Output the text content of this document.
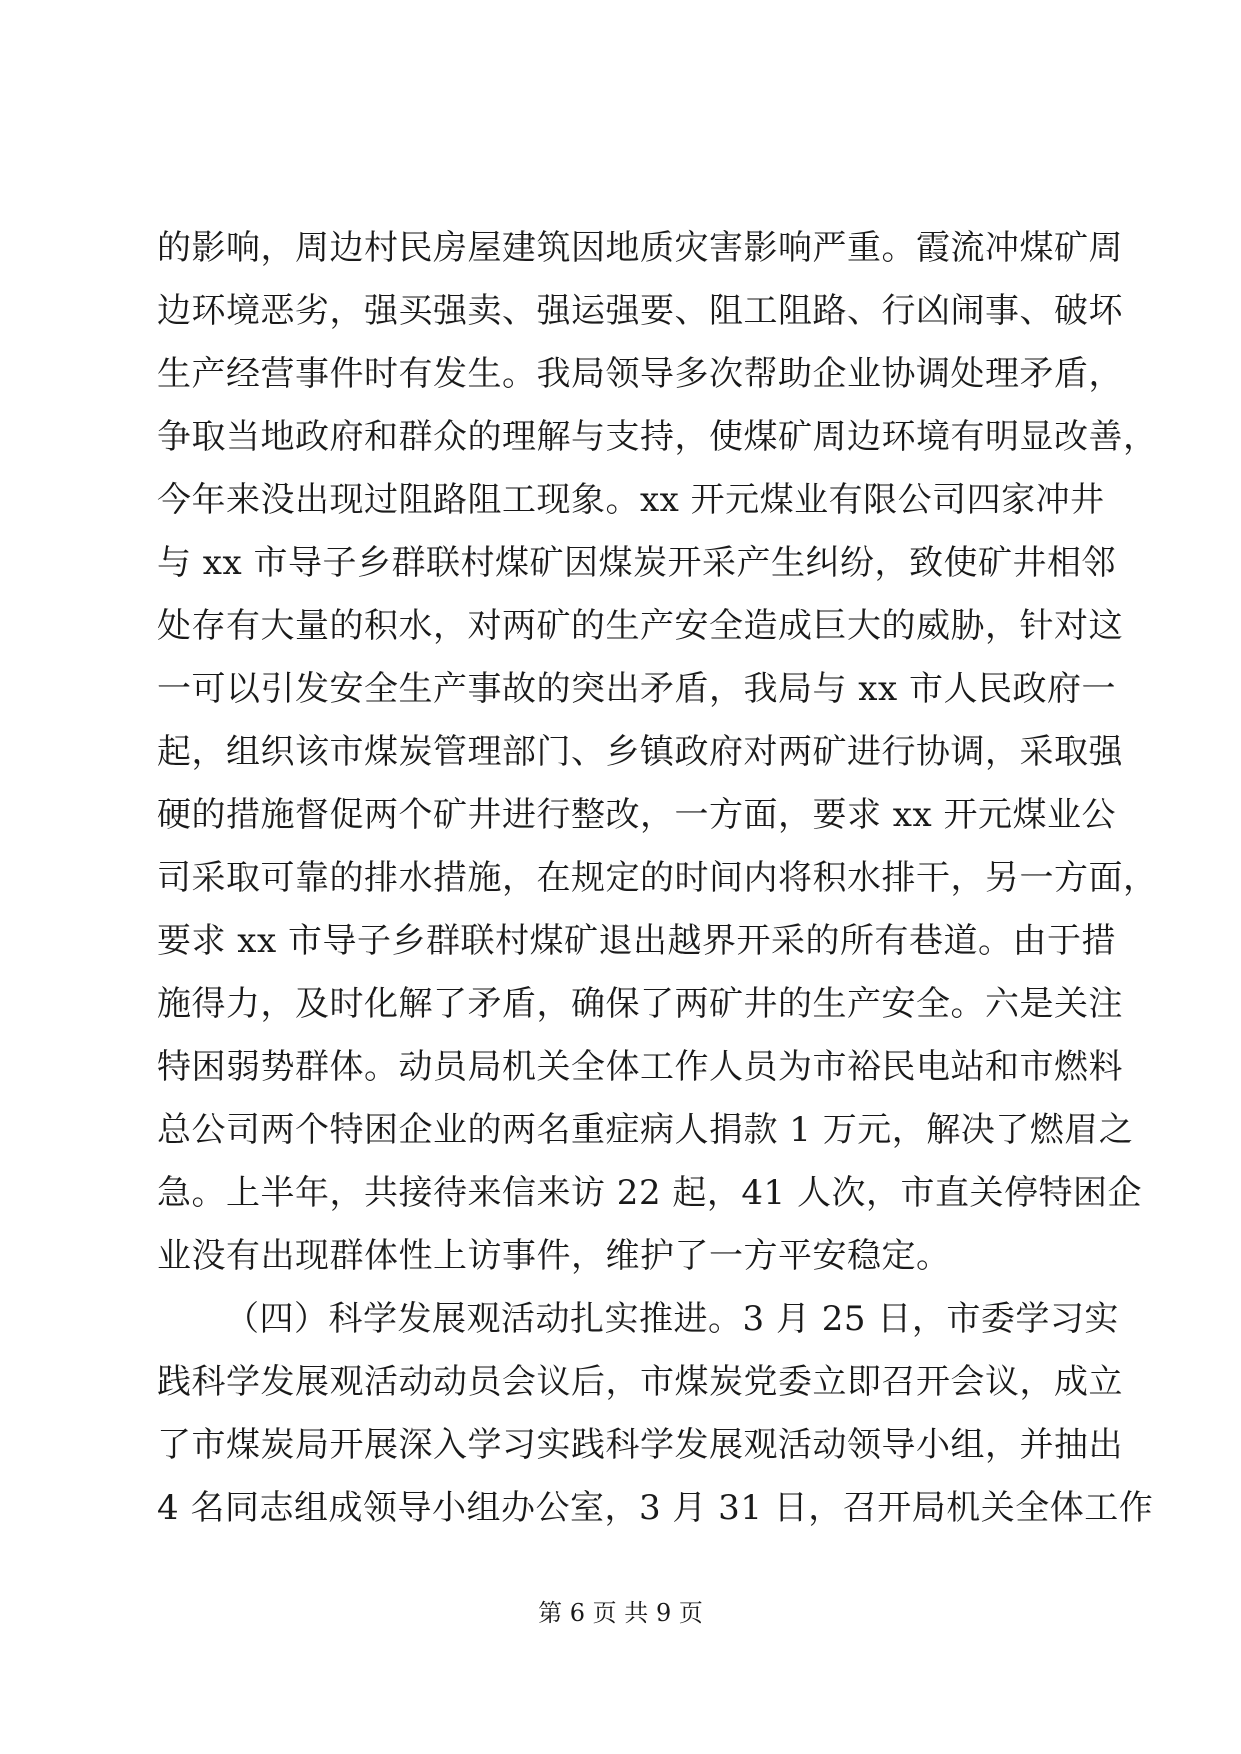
的影响，周边村民房屋建筑因地质灾害影响严重。霞流冲煤矿周
边环境恶劣，强买强卖、强运强要、阻工阻路、行凶闹事、破坏
生产经营事件时有发生。我局领导多次帮助企业协调处理矛盾，
争取当地政府和群众的理解与支持，使煤矿周边环境有明显改善，
今年来没出现过阻路阻工现象。xx 开元煤业有限公司四家冲井
与 xx 市导子乡群联村煤矿因煤炭开采产生纠纷，致使矿井相邻
处存有大量的积水，对两矿的生产安全造成巨大的威胁，针对这
一可以引发安全生产事故的突出矛盾，我局与 xx 市人民政府一
起，组织该市煤炭管理部门、乡镇政府对两矿进行协调，采取强
硬的措施督促两个矿井进行整改，一方面，要求 xx 开元煤业公
司采取可靠的排水措施，在规定的时间内将积水排干，另一方面，
要求 xx 市导子乡群联村煤矿退出越界开采的所有巷道。由于措
施得力，及时化解了矛盾，确保了两矿井的生产安全。六是关注
特困弱势群体。动员局机关全体工作人员为市裕民电站和市燃料
总公司两个特困企业的两名重症病人捐款 1 万元，解决了燃眉之
急。上半年，共接待来信来访 22 起，41 人次，市直关停特困企
业没有出现群体性上访事件，维护了一方平安稳定。
（四）科学发展观活动扎实推进。3 月 25 日，市委学习实
践科学发展观活动动员会议后，市煤炭党委立即召开会议，成立
了市煤炭局开展深入学习实践科学发展观活动领导小组，并抽出
4 名同志组成领导小组办公室，3 月 31 日，召开局机关全体工作
第 6 页 共 9 页
